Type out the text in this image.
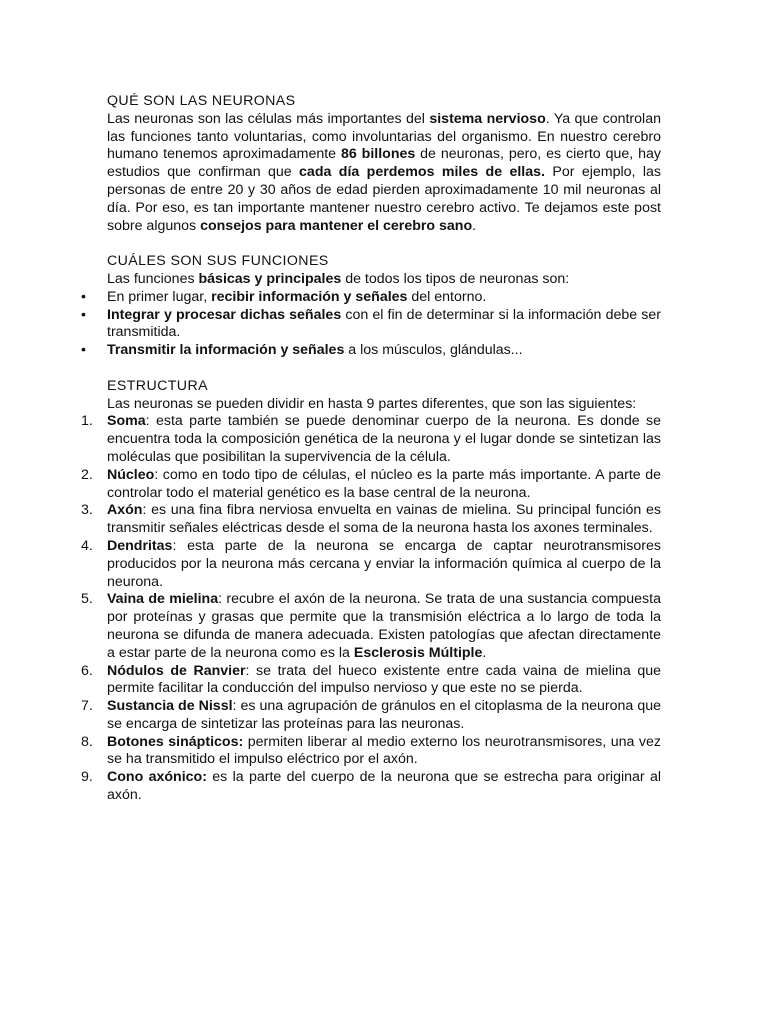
QUÉ SON LAS NEURONAS

Las neuronas son las células más importantes del sistema nervioso. Ya que controlan las funciones tanto voluntarias, como involuntarias del organismo. En nuestro cerebro humano tenemos aproximadamente 86 billones de neuronas, pero, es cierto que, hay estudios que confirman que cada día perdemos miles de ellas. Por ejemplo, las personas de entre 20 y 30 años de edad pierden aproximadamente 10 mil neuronas al día. Por eso, es tan importante mantener nuestro cerebro activo. Te dejamos este post sobre algunos consejos para mantener el cerebro sano.

CUÁLES SON SUS FUNCIONES

Las funciones básicas y principales de todos los tipos de neuronas son:

• En primer lugar, recibir información y señales del entorno.
• Integrar y procesar dichas señales con el fin de determinar si la información debe ser transmitida.
• Transmitir la información y señales a los músculos, glándulas...
ESTRUCTURA

Las neuronas se pueden dividir en hasta 9 partes diferentes, que son las siguientes:

1. Soma: esta parte también se puede denominar cuerpo de la neurona. Es donde se encuentra toda la composición genética de la neurona y el lugar donde se sintetizan las moléculas que posibilitan la supervivencia de la célula.
2. Núcleo: como en todo tipo de células, el núcleo es la parte más importante. A parte de controlar todo el material genético es la base central de la neurona.
3. Axón: es una fina fibra nerviosa envuelta en vainas de mielina. Su principal función es transmitir señales eléctricas desde el soma de la neurona hasta los axones terminales.
4. Dendritas: esta parte de la neurona se encarga de captar neurotransmisores producidos por la neurona más cercana y enviar la información química al cuerpo de la neurona.
5. Vaina de mielina: recubre el axón de la neurona. Se trata de una sustancia compuesta por proteínas y grasas que permite que la transmisión eléctrica a lo largo de toda la neurona se difunda de manera adecuada. Existen patologías que afectan directamente a estar parte de la neurona como es la Esclerosis Múltiple.
6. Nódulos de Ranvier: se trata del hueco existente entre cada vaina de mielina que permite facilitar la conducción del impulso nervioso y que este no se pierda.
7. Sustancia de Nissl: es una agrupación de gránulos en el citoplasma de la neurona que se encarga de sintetizar las proteínas para las neuronas.
8. Botones sinápticos: permiten liberar al medio externo los neurotransmisores, una vez se ha transmitido el impulso eléctrico por el axón.
9. Cono axónico: es la parte del cuerpo de la neurona que se estrecha para originar al axón.
